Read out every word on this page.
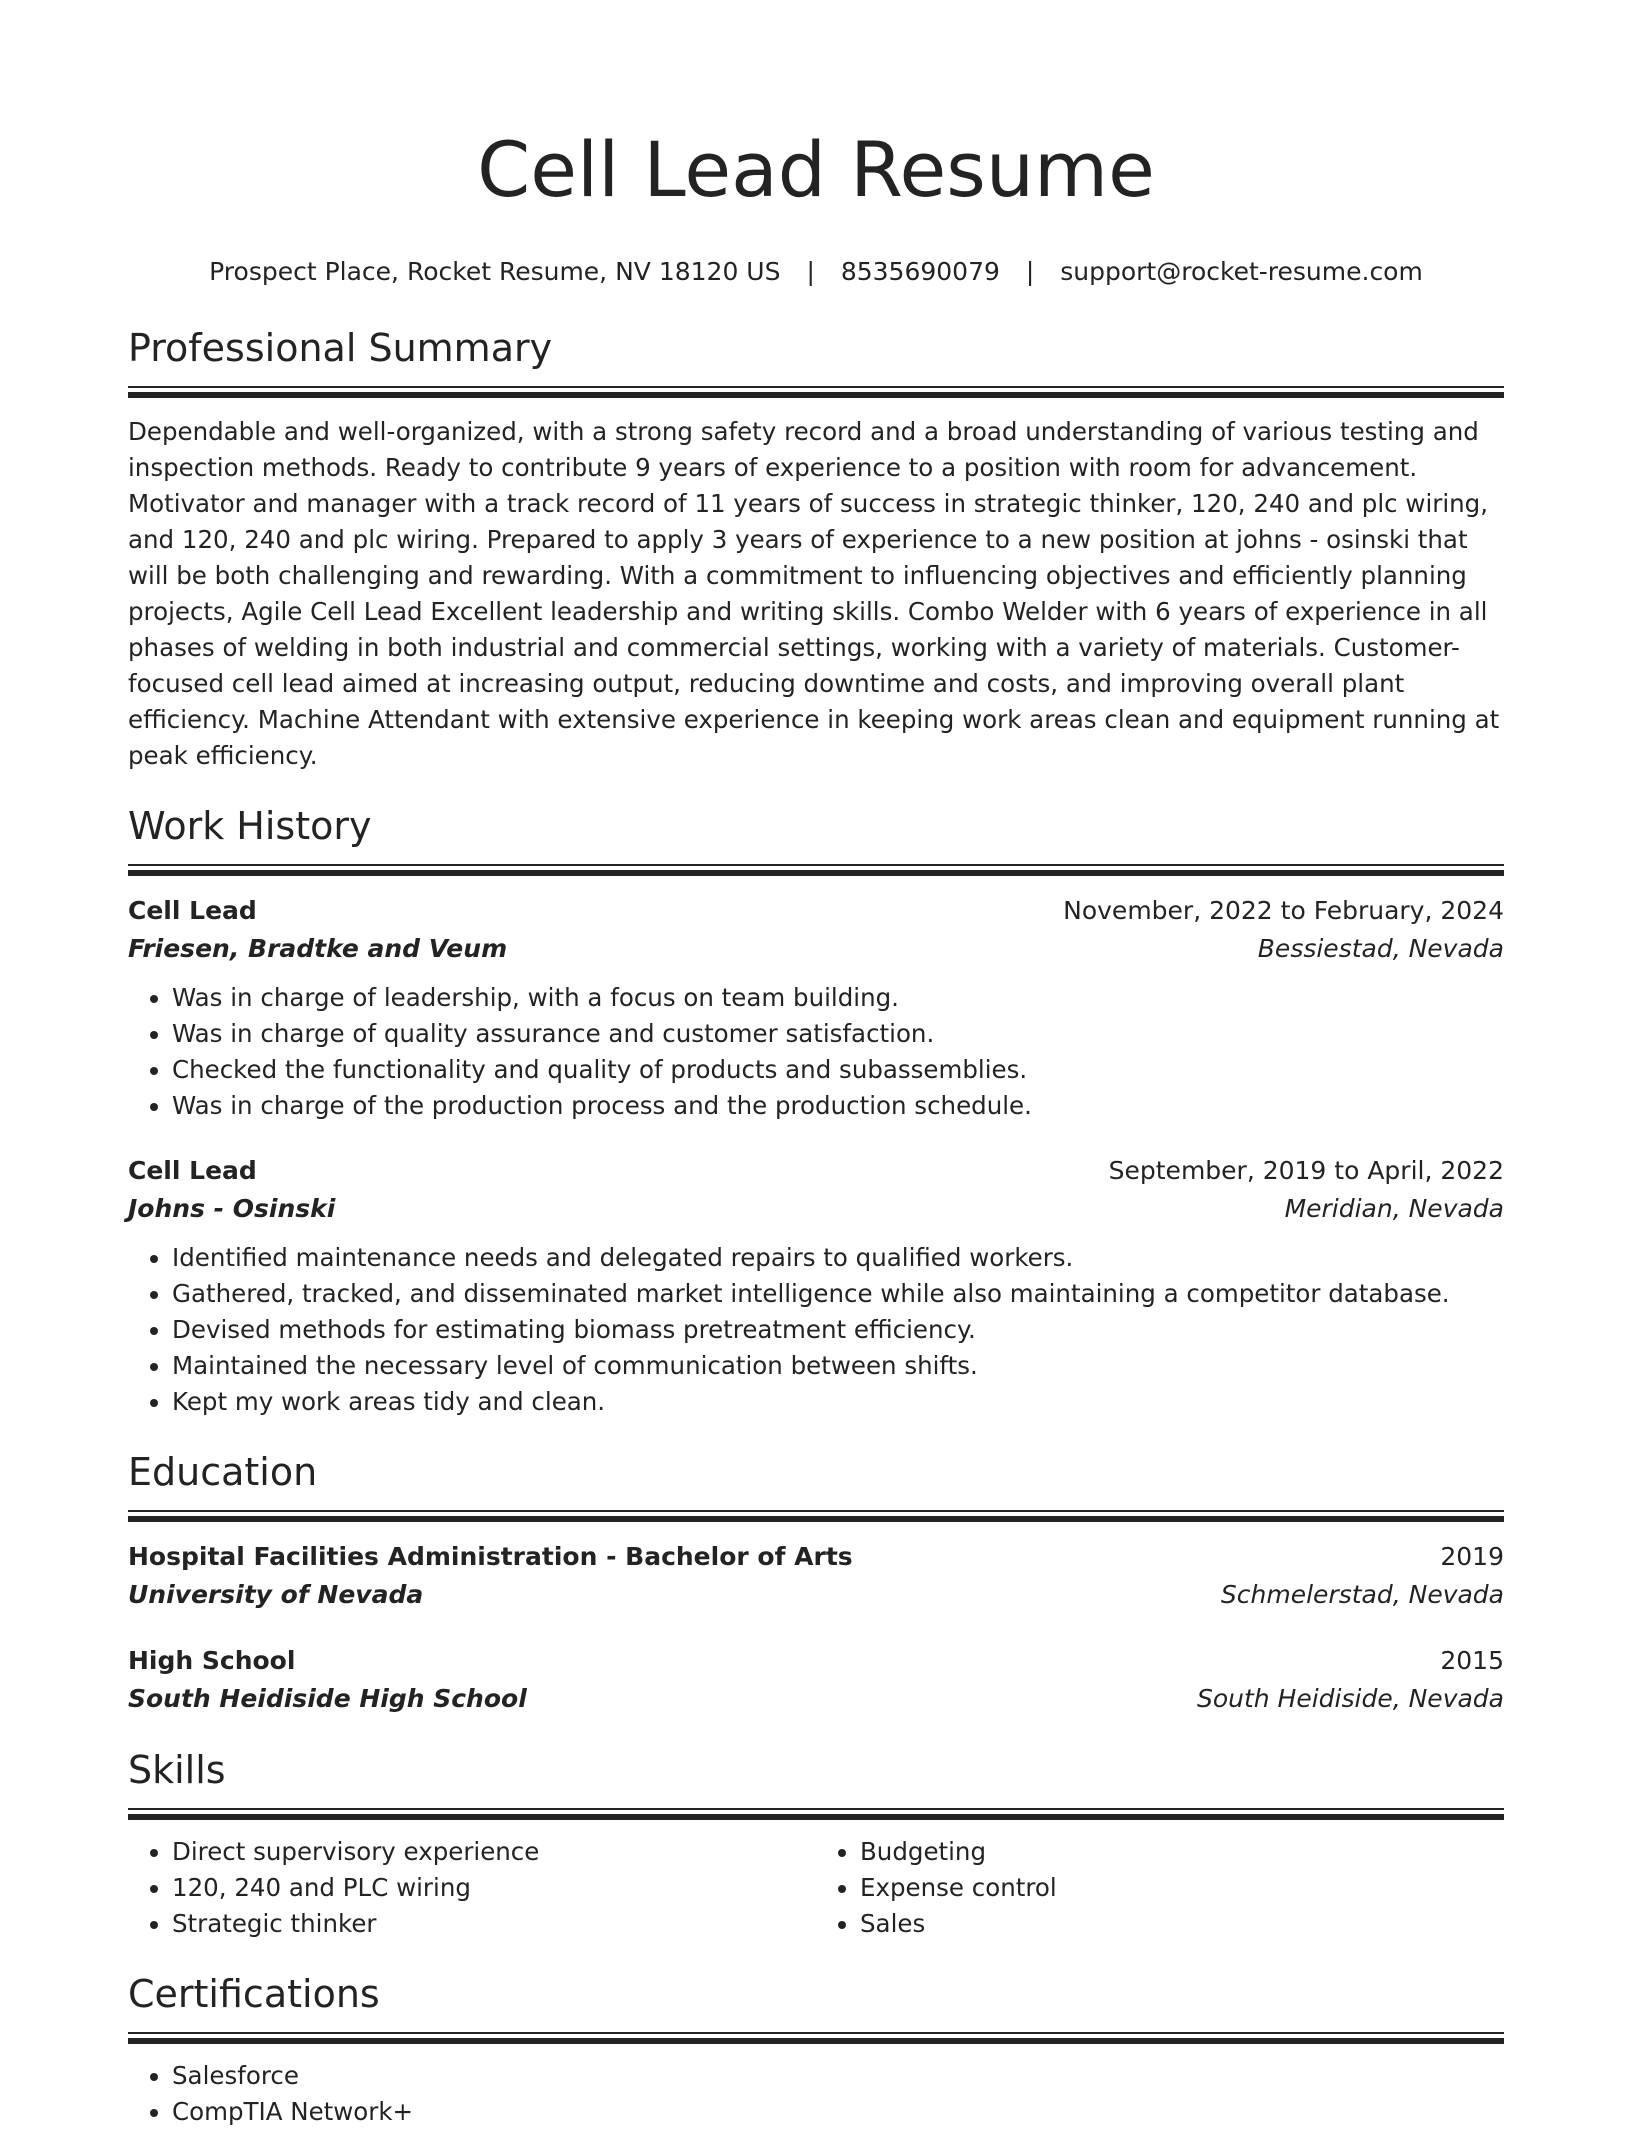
Cell Lead Resume
Prospect Place, Rocket Resume, NV 18120 US | 8535690079 | support@rocket-resume.com
Professional Summary
Dependable and well-organized, with a strong safety record and a broad understanding of various testing and inspection methods. Ready to contribute 9 years of experience to a position with room for advancement. Motivator and manager with a track record of 11 years of success in strategic thinker, 120, 240 and plc wiring, and 120, 240 and plc wiring. Prepared to apply 3 years of experience to a new position at johns - osinski that will be both challenging and rewarding. With a commitment to influencing objectives and efficiently planning projects, Agile Cell Lead Excellent leadership and writing skills. Combo Welder with 6 years of experience in all phases of welding in both industrial and commercial settings, working with a variety of materials. Customer-focused cell lead aimed at increasing output, reducing downtime and costs, and improving overall plant efficiency. Machine Attendant with extensive experience in keeping work areas clean and equipment running at peak efficiency.
Work History
Cell Lead	November, 2022 to February, 2024
Friesen, Bradtke and Veum	Bessiestad, Nevada
• Was in charge of leadership, with a focus on team building.
• Was in charge of quality assurance and customer satisfaction.
• Checked the functionality and quality of products and subassemblies.
• Was in charge of the production process and the production schedule.
Cell Lead	September, 2019 to April, 2022
Johns - Osinski	Meridian, Nevada
• Identified maintenance needs and delegated repairs to qualified workers.
• Gathered, tracked, and disseminated market intelligence while also maintaining a competitor database.
• Devised methods for estimating biomass pretreatment efficiency.
• Maintained the necessary level of communication between shifts.
• Kept my work areas tidy and clean.
Education
Hospital Facilities Administration - Bachelor of Arts	2019
University of Nevada	Schmelerstad, Nevada
High School	2015
South Heidiside High School	South Heidiside, Nevada
Skills
• Direct supervisory experience
• 120, 240 and PLC wiring
• Strategic thinker
• Budgeting
• Expense control
• Sales
Certifications
• Salesforce
• CompTIA Network+
